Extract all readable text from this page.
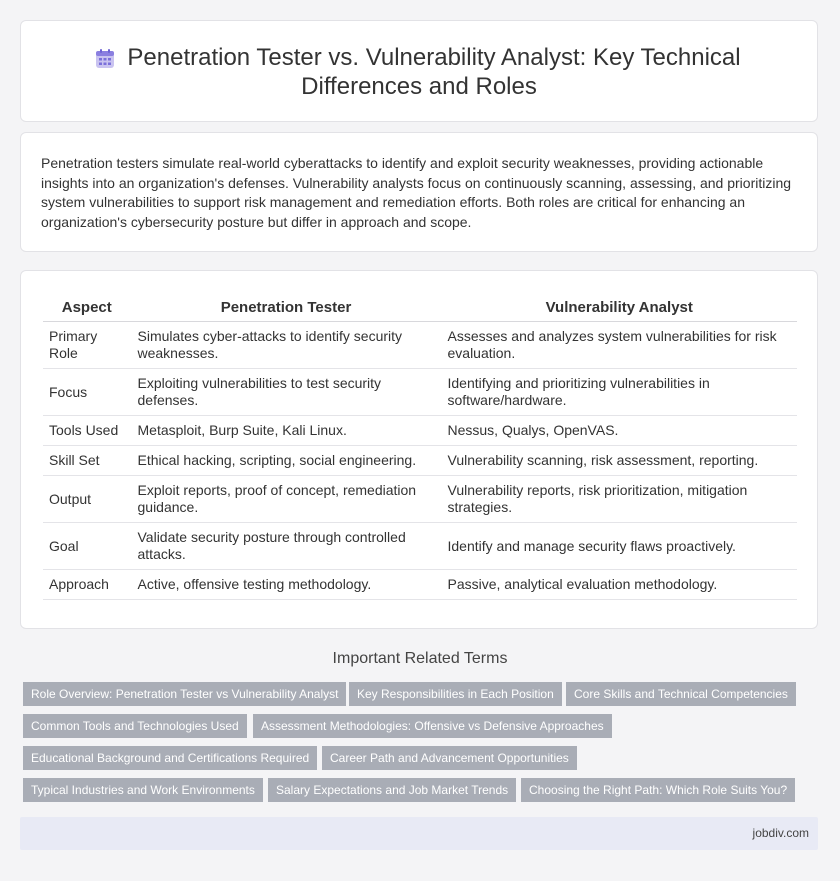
Penetration Tester vs. Vulnerability Analyst: Key Technical
Differences and Roles
Penetration testers simulate real-world cyberattacks to identify and exploit security weaknesses, providing actionable insights into an organization's defenses. Vulnerability analysts focus on continuously scanning, assessing, and prioritizing system vulnerabilities to support risk management and remediation efforts. Both roles are critical for enhancing an organization's cybersecurity posture but differ in approach and scope.
Aspect	Penetration Tester	Vulnerability Analyst
Primary Role	Simulates cyber-attacks to identify security weaknesses.	Assesses and analyzes system vulnerabilities for risk evaluation.
Focus	Exploiting vulnerabilities to test security defenses.	Identifying and prioritizing vulnerabilities in software/hardware.
Tools Used	Metasploit, Burp Suite, Kali Linux.	Nessus, Qualys, OpenVAS.
Skill Set	Ethical hacking, scripting, social engineering.	Vulnerability scanning, risk assessment, reporting.
Output	Exploit reports, proof of concept, remediation guidance.	Vulnerability reports, risk prioritization, mitigation strategies.
Goal	Validate security posture through controlled attacks.	Identify and manage security flaws proactively.
Approach	Active, offensive testing methodology.	Passive, analytical evaluation methodology.
Important Related Terms
Role Overview: Penetration Tester vs Vulnerability Analyst	Key Responsibilities in Each Position	Core Skills and Technical Competencies
Common Tools and Technologies Used	Assessment Methodologies: Offensive vs Defensive Approaches
Educational Background and Certifications Required	Career Path and Advancement Opportunities
Typical Industries and Work Environments	Salary Expectations and Job Market Trends	Choosing the Right Path: Which Role Suits You?
jobdiv.com
